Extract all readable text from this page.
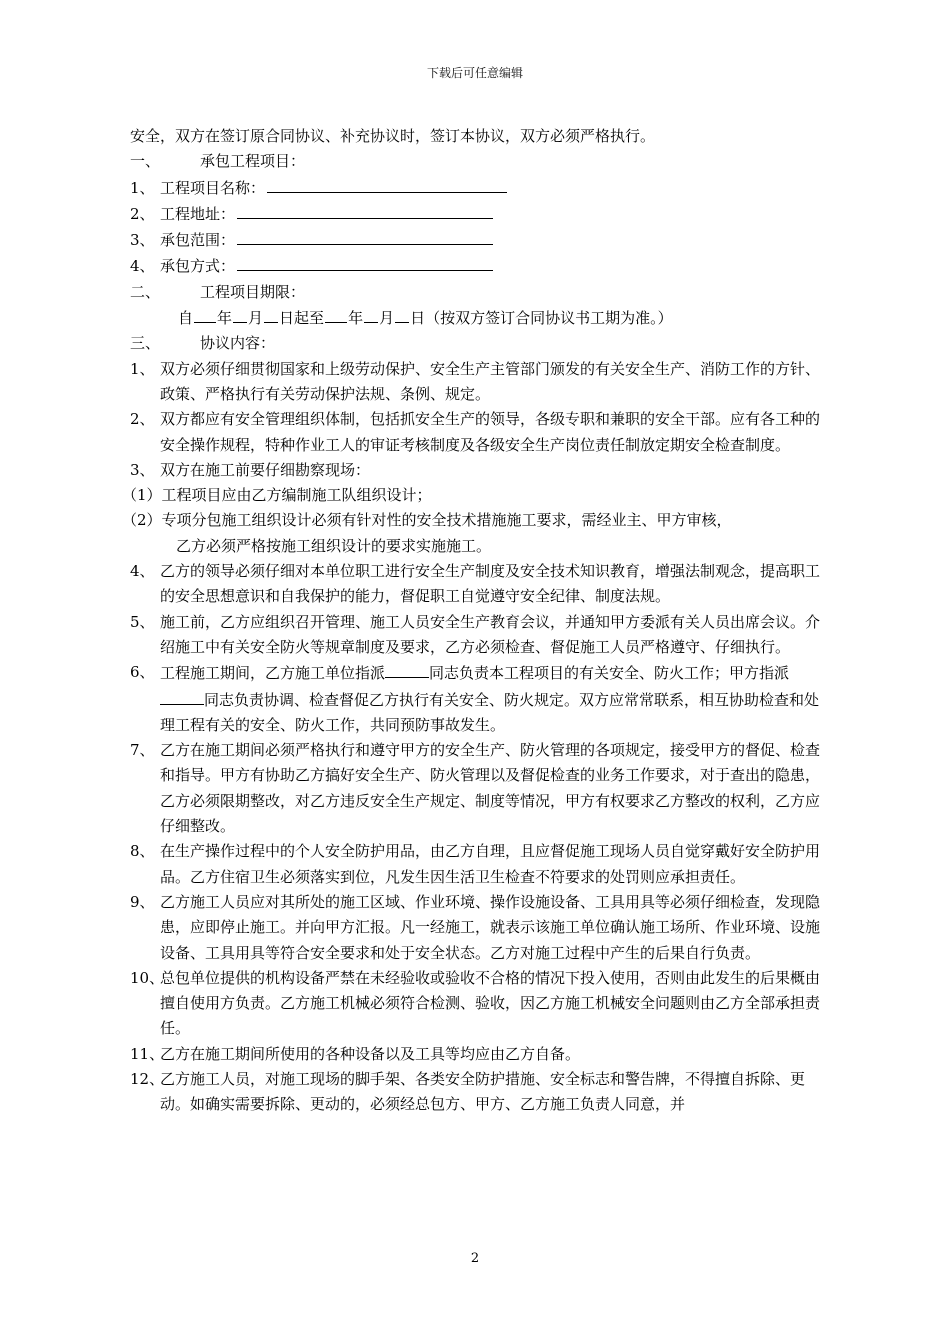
下载后可任意编辑
安全，双方在签订原合同协议、补充协议时，签订本协议，双方必须严格执行。
一、	承包工程项目：
1、 工程项目名称：
2、 工程地址：
3、 承包范围：
4、 承包方式：
二、	工程项目期限：
自 年 月 日起至 年 月 日（按双方签订合同协议书工期为准。）
三、	协议内容：
1、 双方必须仔细贯彻国家和上级劳动保护、安全生产主管部门颁发的有关安全生产、消防工作的方针、政策、严格执行有关劳动保护法规、条例、规定。
2、 双方都应有安全管理组织体制，包括抓安全生产的领导，各级专职和兼职的安全干部。应有各工种的安全操作规程，特种作业工人的审证考核制度及各级安全生产岗位责任制放定期安全检查制度。
3、 双方在施工前要仔细勘察现场：
（1）工程项目应由乙方编制施工队组织设计；
（2）专项分包施工组织设计必须有针对性的安全技术措施施工要求，需经业主、甲方审核，
乙方必须严格按施工组织设计的要求实施施工。
4、 乙方的领导必须仔细对本单位职工进行安全生产制度及安全技术知识教育，增强法制观念，提高职工的安全思想意识和自我保护的能力，督促职工自觉遵守安全纪律、制度法规。
5、 施工前，乙方应组织召开管理、施工人员安全生产教育会议，并通知甲方委派有关人员出席会议。介绍施工中有关安全防火等规章制度及要求，乙方必须检查、督促施工人员严格遵守、仔细执行。
6、 工程施工期间，乙方施工单位指派	同志负责本工程项目的有关安全、防火工作；甲方指派同志负责协调、检查督促乙方执行有关安全、防火规定。双方应常常联系，相互协助检查和处理工程有关的安全、防火工作，共同预防事故发生。
7、 乙方在施工期间必须严格执行和遵守甲方的安全生产、防火管理的各项规定，接受甲方的督促、检查和指导。甲方有协助乙方搞好安全生产、防火管理以及督促检查的业务工作要求，对于查出的隐患，乙方必须限期整改，对乙方违反安全生产规定、制度等情况，甲方有权要求乙方整改的权利，乙方应仔细整改。
8、 在生产操作过程中的个人安全防护用品，由乙方自理，且应督促施工现场人员自觉穿戴好安全防护用品。乙方住宿卫生必须落实到位，凡发生因生活卫生检查不符要求的处罚则应承担责任。
9、 乙方施工人员应对其所处的施工区域、作业环境、操作设施设备、工具用具等必须仔细检查，发现隐患，应即停止施工。并向甲方汇报。凡一经施工，就表示该施工单位确认施工场所、作业环境、设施设备、工具用具等符合安全要求和处于安全状态。乙方对施工过程中产生的后果自行负责。
10、
总包单位提供的机构设备严禁在未经验收或验收不合格的情况下投入使用，否则由此发生的后果概由擅自使用方负责。乙方施工机械必须符合检测、验收，因乙方施工机械安全问题则由乙方全部承担责任。
11、
乙方在施工期间所使用的各种设备以及工具等均应由乙方自备。
12、
乙方施工人员，对施工现场的脚手架、各类安全防护措施、安全标志和警告牌，不得擅自拆除、更动。如确实需要拆除、更动的，必须经总包方、甲方、乙方施工负责人同意，并
2
